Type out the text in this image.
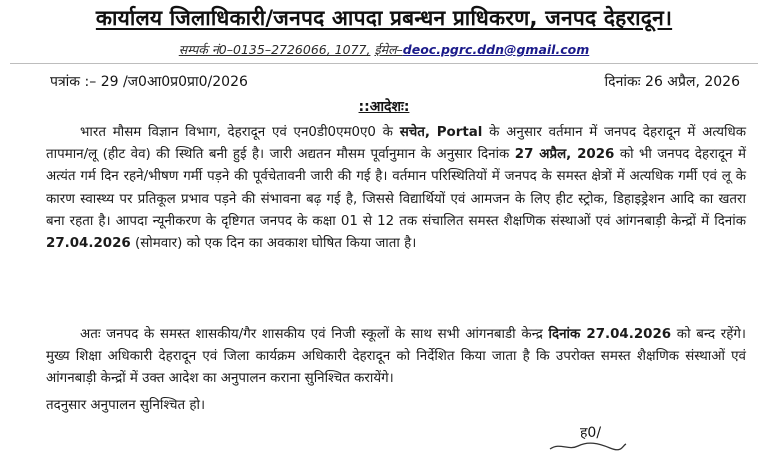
कार्यालय जिलाधिकारी/जनपद आपदा प्रबन्धन प्राधिकरण, जनपद देहरादून।
सम्पर्क नं0–0135–2726066, 1077, ईमेल–deoc.pgrc.ddn@gmail.com
पत्रांक :– 29 /ज0आ0प्र0प्रा0/2026	दिनांकः 26 अप्रैल, 2026
::आदेशः:
भारत मौसम विज्ञान विभाग, देहरादून एवं एन0डी0एम0ए0 के सचेत, Portal के अनुसार वर्तमान में जनपद देहरादून में अत्यधिक तापमान/लू (हीट वेव) की स्थिति बनी हुई है। जारी अद्यतन मौसम पूर्वानुमान के अनुसार दिनांक 27 अप्रैल, 2026 को भी जनपद देहरादून में अत्यंत गर्म दिन रहने/भीषण गर्मी पड़ने की पूर्वचेतावनी जारी की गई है। वर्तमान परिस्थितियों में जनपद के समस्त क्षेत्रों में अत्यधिक गर्मी एवं लू के कारण स्वास्थ्य पर प्रतिकूल प्रभाव पड़ने की संभावना बढ़ गई है, जिससे विद्यार्थियों एवं आमजन के लिए हीट स्ट्रोक, डिहाइड्रेशन आदि का खतरा बना रहता है। आपदा न्यूनीकरण के दृष्टिगत जनपद के कक्षा 01 से 12 तक संचालित समस्त शैक्षणिक संस्थाओं एवं आंगनबाड़ी केन्द्रों में दिनांक 27.04.2026 (सोमवार) को एक दिन का अवकाश घोषित किया जाता है।
अतः जनपद के समस्त शासकीय/गैर शासकीय एवं निजी स्कूलों के साथ सभी आंगनबाडी केन्द्र दिनांक 27.04.2026 को बन्द रहेंगे। मुख्य शिक्षा अधिकारी देहरादून एवं जिला कार्यक्रम अधिकारी देहरादून को निर्देशित किया जाता है कि उपरोक्त समस्त शैक्षणिक संस्थाओं एवं आंगनबाड़ी केन्द्रों में उक्त आदेश का अनुपालन कराना सुनिश्चित करायेंगे।
तदनुसार अनुपालन सुनिश्चित हो।
ह0/
